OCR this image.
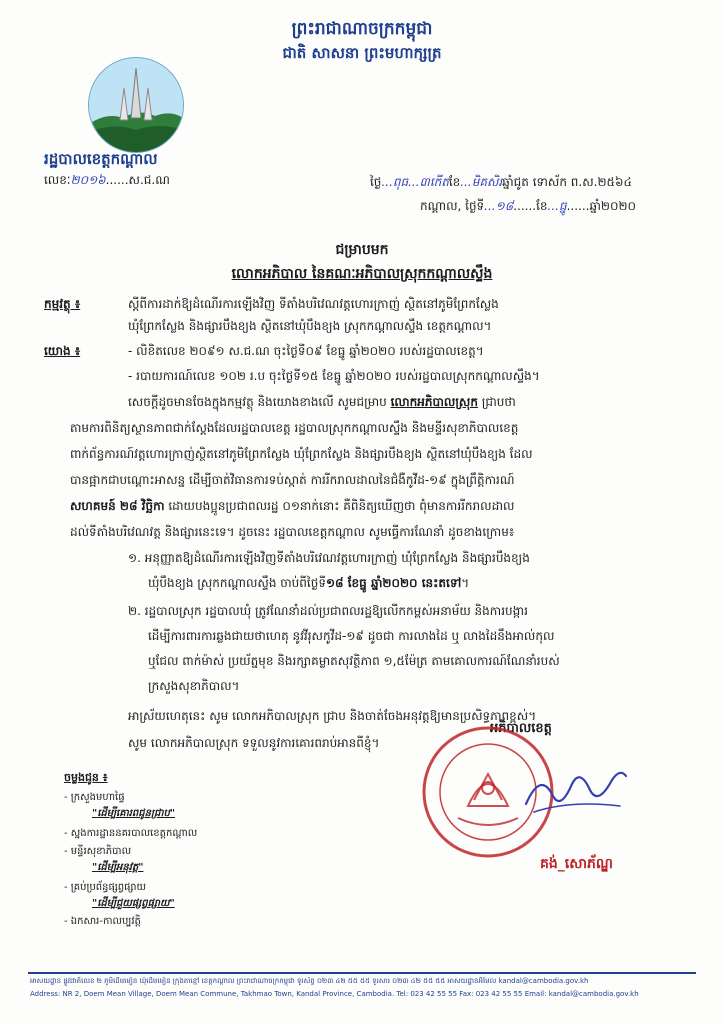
ព្រះរាជាណាចក្រកម្ពុជា
ជាតិ សាសនា ព្រះមហាក្សត្រ
រដ្ឋបាលខេត្តកណ្ដាល
លេខៈ២០១៦......ស.ជ.ណ	ថ្ងៃ...ពុធ...៣កើតខែ...មិគសិរឆ្នាំជូត ទោស័ក ព.ស.២៥៦៤
កណ្ដាល, ថ្ងៃទី...១៨......ខែ...ធ្នូ......ឆ្នាំ២០២០
ជម្រាបមក
លោកអភិបាល នៃគណៈអភិបាលស្រុកកណ្ដាលស្ទឹង
កម្មវត្ថុ ៖	ស្ដីពីការដាក់ឱ្យដំណើរការឡើងវិញ ទីតាំងបរិវេណវត្តហោរក្រាញ់ ស្ថិតនៅភូមិព្រែកស្លែង
ឃុំព្រែកស្លែង និងផ្សារបឹងខ្យង ស្ថិតនៅឃុំបឹងខ្យង ស្រុកកណ្ដាលស្ទឹង ខេត្តកណ្ដាល។
យោង ៖	- លិខិតលេខ ២០៩១ ស.ជ.ណ ចុះថ្ងៃទី០៩ ខែធ្នូ ឆ្នាំ២០២០ របស់រដ្ឋបាលខេត្ត។
- របាយការណ៍លេខ ១០២ រ.ប ចុះថ្ងៃទី១៥ ខែធ្នូ ឆ្នាំ២០២០ របស់រដ្ឋបាលស្រុកកណ្ដាលស្ទឹង។
សេចក្ដីដូចមានចែងក្នុងកម្មវត្ថុ និងយោងខាងលើ សូមជម្រាប លោកអភិបាលស្រុក ជ្រាបថា
តាមការពិនិត្យស្ថានភាពជាក់ស្ដែងដែលរដ្ឋបាលខេត្ត រដ្ឋបាលស្រុកកណ្ដាលស្ទឹង និងមន្ទីរសុខាភិបាលខេត្ត
ពាក់ព័ន្ធការណ៍វត្តហោរក្រាញ់ស្ថិតនៅភូមិព្រែកស្លែង ឃុំព្រែកស្លែង និងផ្សារបឹងខ្យង ស្ថិតនៅឃុំបឹងខ្យង ដែល
បានផ្អាកជាបណ្ដោះអាសន្ន ដើម្បីចាត់វិធានការទប់ស្កាត់ ការរីករាលដាលនៃជំងឺកូវីដ-១៩ ក្នុងព្រឹត្តិការណ៍
សហគមន៍ ២៨ វិច្ឆិកា ដោយបងប្អូនប្រជាពលរដ្ឋ ០១នាក់នោះ គឺពិនិត្យឃើញថា ពុំមានការរីករាលដាល
ដល់ទីតាំងបរិវេណវត្ត និងផ្សារនេះទេ។ ដូចនេះ រដ្ឋបាលខេត្តកណ្ដាល សូមធ្វើការណែនាំ ដូចខាងក្រោម៖
១. អនុញ្ញាតឱ្យដំណើរការឡើងវិញទីតាំងបរិវេណវត្តហោរក្រាញ់ ឃុំព្រែកស្លែង និងផ្សារបឹងខ្យង
ឃុំបឹងខ្យង ស្រុកកណ្ដាលស្ទឹង ចាប់ពីថ្ងៃទី១៨ ខែធ្នូ ឆ្នាំ២០២០ នេះតទៅ។
២. រដ្ឋបាលស្រុក រដ្ឋបាលឃុំ ត្រូវណែនាំដល់ប្រជាពលរដ្ឋឱ្យលើកកម្ពស់អនាម័យ និងការបង្ការ
ដើម្បីការពារការឆ្លងជាយថាហេតុ នូវវីរុសកូវីដ-១៩ ដូចជា ការលាងដៃ ឬ លាងដៃនឹងអាល់កុល
ឬជែល ពាក់ម៉ាស់ ប្រយ័ត្នមុខ និងរក្សាគម្លាតសុវត្ថិភាព ១,៥ម៉ែត្រ តាមគោលការណ៍ណែនាំរបស់
ក្រសួងសុខាភិបាល។
អាស្រ័យហេតុនេះ សូម លោកអភិបាលស្រុក ជ្រាប និងចាត់ចែងអនុវត្តឱ្យមានប្រសិទ្ធភាពខ្ពស់។
សូម លោកអភិបាលស្រុក ទទួលនូវការគោរពរាប់អានពីខ្ញុំ។
ចម្លងជូន ៖
- ក្រសួងមហាផ្ទៃ
"ដើម្បីគោរពជូនជ្រាប"
- ស្នងការដ្ឋាននគរបាលខេត្តកណ្ដាល
- មន្ទីរសុខាភិបាល
"ដើម្បីអនុវត្ត"
- គ្រប់ប្រព័ន្ធផ្សព្វផ្សាយ
"ដើម្បីជួយផ្សព្វផ្សាយ"
- ឯកសារ-កាលប្បវត្តិ
អភិបាលខេត្ត
គង់_សោភ័ណ្ឌ
អាសយដ្ឋាន ផ្លូវជាតិលេខ ២ ភូមិដើមមៀន ឃុំដើមមៀន ក្រុងតាខ្មៅ ខេត្តកណ្ដាល ព្រះរាជាណាចក្រកម្ពុជា ទូរស័ព្ទ ០២៣ ៤២ ៥៥ ៥៥ ទូរសារ ០២៣ ៤២ ៥៥ ៥៥ អាសយដ្ឋានអ៊ីមែល kandal@cambodia.gov.kh
Address: NR 2, Doem Mean Village, Doem Mean Commune, Takhmao Town, Kandal Province, Cambodia. Tel: 023 42 55 55 Fax: 023 42 55 55 Email: kandal@cambodia.gov.kh
